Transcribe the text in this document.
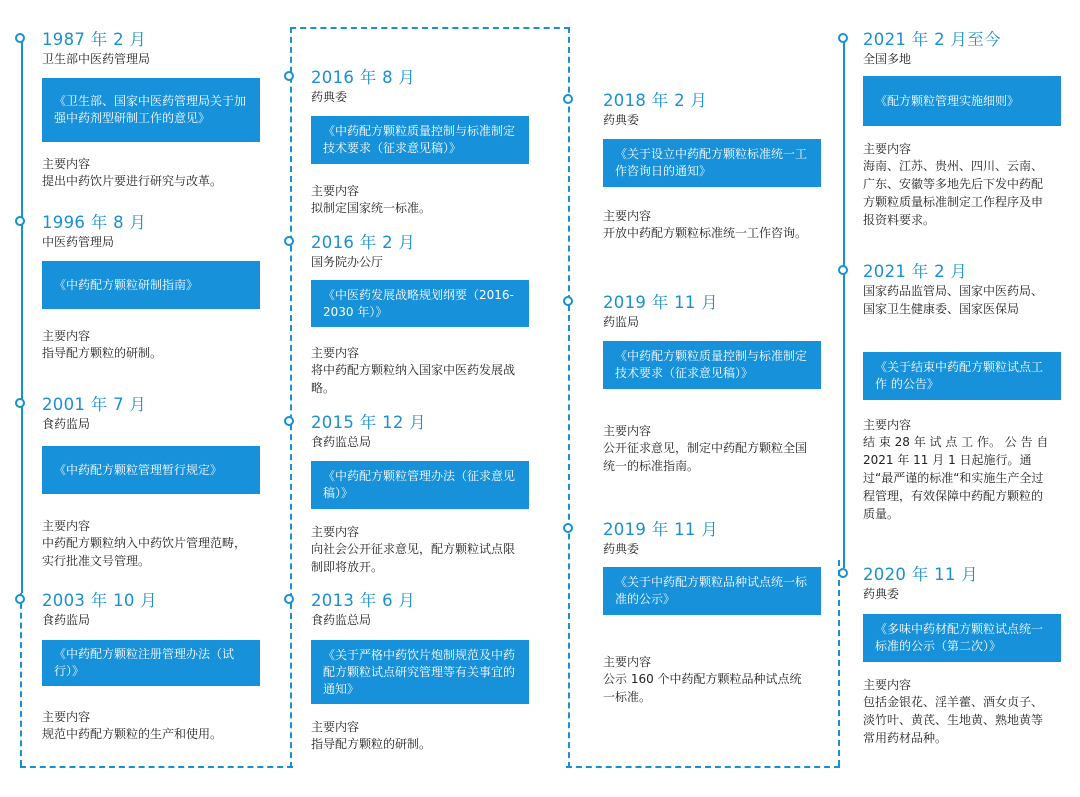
1987 年 2 月
卫生部中医药管理局
《卫生部、国家中医药管理局关于加强中药剂型研制工作的意见》
主要内容
提出中药饮片要进行研究与改革。
1996 年 8 月
中医药管理局
《中药配方颗粒研制指南》
主要内容
指导配方颗粒的研制。
2001 年 7 月
食药监局
《中药配方颗粒管理暂行规定》
主要内容
中药配方颗粒纳入中药饮片管理范畴，实行批准文号管理。
2003 年 10 月
食药监局
《中药配方颗粒注册管理办法（试行）》
主要内容
规范中药配方颗粒的生产和使用。
2016 年 8 月
药典委
《中药配方颗粒质量控制与标准制定技术要求（征求意见稿）》
主要内容
拟制定国家统一标准。
2016 年 2 月
国务院办公厅
《中医药发展战略规划纲要（2016-2030 年）》
主要内容
将中药配方颗粒纳入国家中医药发展战略。
2015 年 12 月
食药监总局
《中药配方颗粒管理办法（征求意见稿）》
主要内容
向社会公开征求意见，配方颗粒试点限制即将放开。
2013 年 6 月
食药监总局
《关于严格中药饮片炮制规范及中药配方颗粒试点研究管理等有关事宜的通知》
主要内容
指导配方颗粒的研制。
2018 年 2 月
药典委
《关于设立中药配方颗粒标准统一工作咨询日的通知》
主要内容
开放中药配方颗粒标准统一工作咨询。
2019 年 11 月
药监局
《中药配方颗粒质量控制与标准制定技术要求（征求意见稿）》
主要内容
公开征求意见，制定中药配方颗粒全国统一的标准指南。
2019 年 11 月
药典委
《关于中药配方颗粒品种试点统一标准的公示》
主要内容
公示 160 个中药配方颗粒品种试点统一标准。
2021 年 2 月至今
全国多地
《配方颗粒管理实施细则》
主要内容
海南、江苏、贵州、四川、云南、广东、安徽等多地先后下发中药配方颗粒质量标准制定工作程序及申报资料要求。
2021 年 2 月
国家药品监管局、国家中医药局、国家卫生健康委、国家医保局
《关于结束中药配方颗粒试点工作 的公告》
主要内容
结 束 28 年 试 点 工 作。 公 告 自2021 年 11 月 1 日起施行。通过“最严谨的标准“和实施生产全过程管理，有效保障中药配方颗粒的质量。
2020 年 11 月
药典委
《多味中药材配方颗粒试点统一标准的公示（第二次）》
主要内容
包括金银花、淫羊藿、酒女贞子、淡竹叶、黄芪、生地黄、熟地黄等常用药材品种。
